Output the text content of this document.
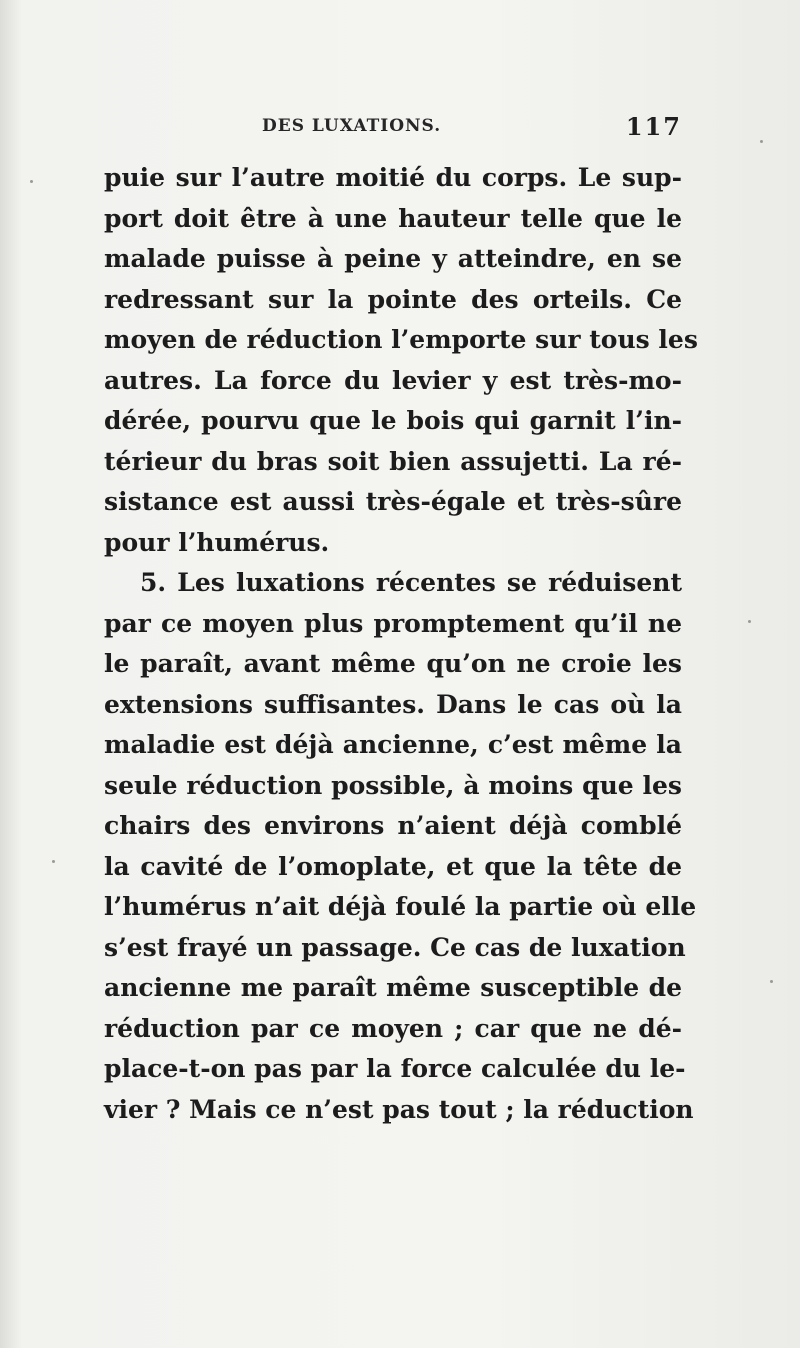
DES LUXATIONS.	117
puie sur l’autre moitié du corps. Le sup-
port doit être à une hauteur telle que le
malade puisse à peine y atteindre, en se
redressant sur la pointe des orteils. Ce
moyen de réduction l’emporte sur tous les
autres. La force du levier y est très-mo-
dérée, pourvu que le bois qui garnit l’in-
térieur du bras soit bien assujetti. La ré-
sistance est aussi très-égale et très-sûre
pour l’humérus.
5. Les luxations récentes se réduisent
par ce moyen plus promptement qu’il ne
le paraît, avant même qu’on ne croie les
extensions suffisantes. Dans le cas où la
maladie est déjà ancienne, c’est même la
seule réduction possible, à moins que les
chairs des environs n’aient déjà comblé
la cavité de l’omoplate, et que la tête de
l’humérus n’ait déjà foulé la partie où elle
s’est frayé un passage. Ce cas de luxation
ancienne me paraît même susceptible de
réduction par ce moyen ; car que ne dé-
place-t-on pas par la force calculée du le-
vier ? Mais ce n’est pas tout ; la réduction
